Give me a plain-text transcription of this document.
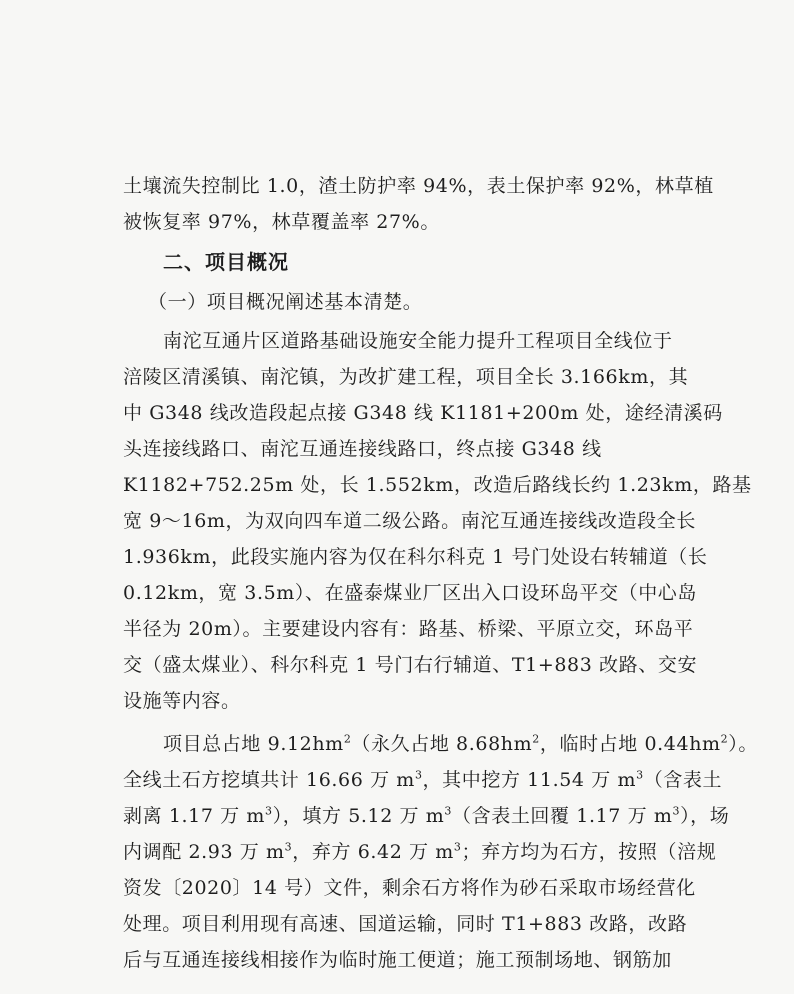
土壤流失控制比 1.0，渣土防护率 94%，表土保护率 92%，林草植
被恢复率 97%，林草覆盖率 27%。
二、项目概况
（一）项目概况阐述基本清楚。
南沱互通片区道路基础设施安全能力提升工程项目全线位于
涪陵区清溪镇、南沱镇，为改扩建工程，项目全长 3.166km，其
中 G348 线改造段起点接 G348 线 K1181+200m 处，途经清溪码
头连接线路口、南沱互通连接线路口，终点接 G348 线
K1182+752.25m 处，长 1.552km，改造后路线长约 1.23km，路基
宽 9～16m，为双向四车道二级公路。南沱互通连接线改造段全长
1.936km，此段实施内容为仅在科尔科克 1 号门处设右转辅道（长
0.12km，宽 3.5m）、在盛泰煤业厂区出入口设环岛平交（中心岛
半径为 20m）。主要建设内容有：路基、桥梁、平原立交，环岛平
交（盛太煤业）、科尔科克 1 号门右行辅道、T1+883 改路、交安
设施等内容。
项目总占地 $9.12hm^2$（永久占地 $8.68hm^2$，临时占地 $0.44hm^2$）。
全线土石方挖填共计 16.66 万 $m^3$，其中挖方 11.54 万 $m^3$（含表土
剥离 1.17 万 $m^3$），填方 5.12 万 $m^3$（含表土回覆 1.17 万 $m^3$），场
内调配 2.93 万 $m^3$，弃方 6.42 万 $m^3$；弃方均为石方，按照（涪规
资发〔2020〕14 号）文件，剩余石方将作为砂石采取市场经营化
处理。项目利用现有高速、国道运输，同时 T1+883 改路，改路
后与互通连接线相接作为临时施工便道；施工预制场地、钢筋加
